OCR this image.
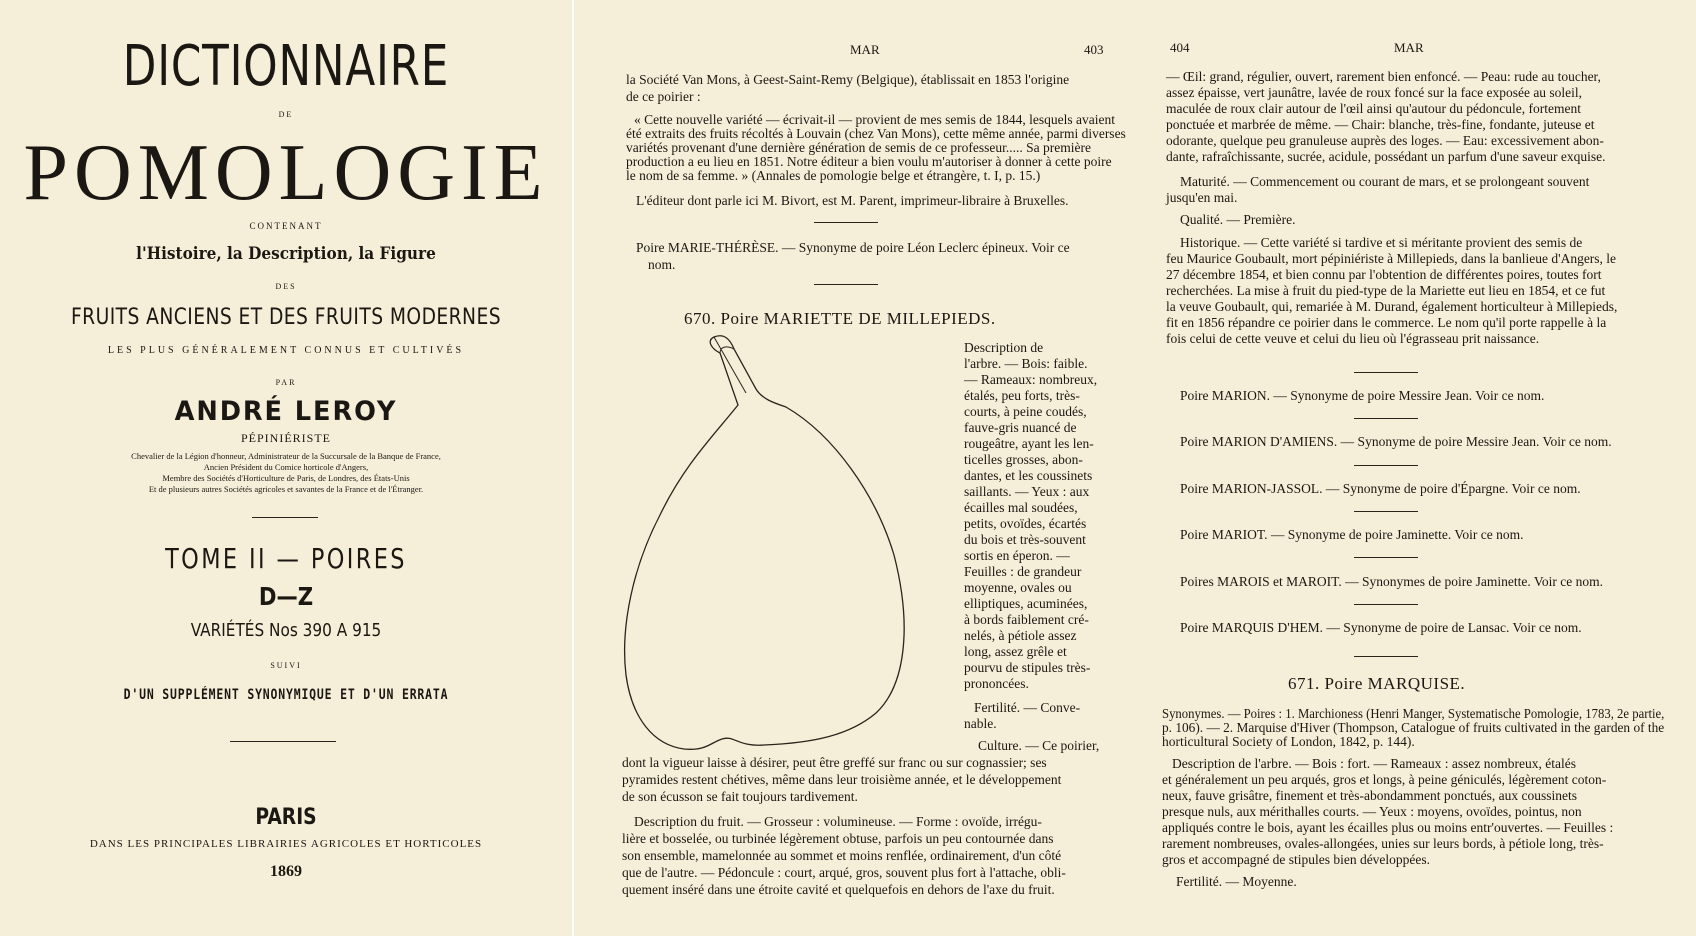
DICTIONNAIRE
DE
POMOLOGIE
CONTENANT
l'Histoire, la Description, la Figure
DES
FRUITS ANCIENS ET DES FRUITS MODERNES
LES PLUS GÉNÉRALEMENT CONNUS ET CULTIVÉS
PAR
ANDRÉ LEROY
PÉPINIÉRISTE
Chevalier de la Légion d'honneur, Administrateur de la Succursale de la Banque de France,
Ancien Président du Comice horticole d'Angers,
Membre des Sociétés d'Horticulture de Paris, de Londres, des États-Unis
Et de plusieurs autres Sociétés agricoles et savantes de la France et de l'Étranger.
TOME II — POIRES
D—Z
VARIÉTÉS Nos 390 A 915
SUIVI
D'UN SUPPLÉMENT SYNONYMIQUE ET D'UN ERRATA
PARIS
DANS LES PRINCIPALES LIBRAIRIES AGRICOLES ET HORTICOLES
1869
MAR	403
la Société Van Mons, à Geest-Saint-Remy (Belgique), établissait en 1853 l'origine
de ce poirier :
« Cette nouvelle variété — écrivait-il — provient de mes semis de 1844, lesquels avaient
été extraits des fruits récoltés à Louvain (chez Van Mons), cette même année, parmi diverses
variétés provenant d'une dernière génération de semis de ce professeur..... Sa première
production a eu lieu en 1851. Notre éditeur a bien voulu m'autoriser à donner à cette poire
le nom de sa femme. » (Annales de pomologie belge et étrangère, t. I, p. 15.)
L'éditeur dont parle ici M. Bivort, est M. Parent, imprimeur-libraire à Bruxelles.
Poire MARIE-THÉRÈSE. — Synonyme de poire Léon Leclerc épineux. Voir ce
nom.
670. Poire MARIETTE DE MILLEPIEDS.
Description de
l'arbre. — Bois: faible.
— Rameaux: nombreux,
étalés, peu forts, très-
courts, à peine coudés,
fauve-gris nuancé de
rougeâtre, ayant les len-
ticelles grosses, abon-
dantes, et les coussinets
saillants. — Yeux : aux
écailles mal soudées,
petits, ovoïdes, écartés
du bois et très-souvent
sortis en éperon. —
Feuilles : de grandeur
moyenne, ovales ou
elliptiques, acuminées,
à bords faiblement cré-
nelés, à pétiole assez
long, assez grêle et
pourvu de stipules très-
prononcées.
Fertilité. — Conve-
nable.
Culture. — Ce poirier,
dont la vigueur laisse à désirer, peut être greffé sur franc ou sur cognassier; ses
pyramides restent chétives, même dans leur troisième année, et le développement
de son écusson se fait toujours tardivement.
Description du fruit. — Grosseur : volumineuse. — Forme : ovoïde, irrégu-
lière et bosselée, ou turbinée légèrement obtuse, parfois un peu contournée dans
son ensemble, mamelonnée au sommet et moins renflée, ordinairement, d'un côté
que de l'autre. — Pédoncule : court, arqué, gros, souvent plus fort à l'attache, obli-
quement inséré dans une étroite cavité et quelquefois en dehors de l'axe du fruit.
404	MAR
— Œil: grand, régulier, ouvert, rarement bien enfoncé. — Peau: rude au toucher,
assez épaisse, vert jaunâtre, lavée de roux foncé sur la face exposée au soleil,
maculée de roux clair autour de l'œil ainsi qu'autour du pédoncule, fortement
ponctuée et marbrée de même. — Chair: blanche, très-fine, fondante, juteuse et
odorante, quelque peu granuleuse auprès des loges. — Eau: excessivement abon-
dante, rafraîchissante, sucrée, acidule, possédant un parfum d'une saveur exquise.
Maturité. — Commencement ou courant de mars, et se prolongeant souvent
jusqu'en mai.
Qualité. — Première.
Historique. — Cette variété si tardive et si méritante provient des semis de
feu Maurice Goubault, mort pépiniériste à Millepieds, dans la banlieue d'Angers, le
27 décembre 1854, et bien connu par l'obtention de différentes poires, toutes fort
recherchées. La mise à fruit du pied-type de la Mariette eut lieu en 1854, et ce fut
la veuve Goubault, qui, remariée à M. Durand, également horticulteur à Millepieds,
fit en 1856 répandre ce poirier dans le commerce. Le nom qu'il porte rappelle à la
fois celui de cette veuve et celui du lieu où l'égrasseau prit naissance.
Poire MARION. — Synonyme de poire Messire Jean. Voir ce nom.
Poire MARION D'AMIENS. — Synonyme de poire Messire Jean. Voir ce nom.
Poire MARION-JASSOL. — Synonyme de poire d'Épargne. Voir ce nom.
Poire MARIOT. — Synonyme de poire Jaminette. Voir ce nom.
Poires MAROIS et MAROIT. — Synonymes de poire Jaminette. Voir ce nom.
Poire MARQUIS D'HEM. — Synonyme de poire de Lansac. Voir ce nom.
671. Poire MARQUISE.
Synonymes. — Poires : 1. Marchioness (Henri Manger, Systematische Pomologie, 1783, 2e partie,
p. 106). — 2. Marquise d'Hiver (Thompson, Catalogue of fruits cultivated in the garden of the
horticultural Society of London, 1842, p. 144).
Description de l'arbre. — Bois : fort. — Rameaux : assez nombreux, étalés
et généralement un peu arqués, gros et longs, à peine géniculés, légèrement coton-
neux, fauve grisâtre, finement et très-abondamment ponctués, aux coussinets
presque nuls, aux mérithalles courts. — Yeux : moyens, ovoïdes, pointus, non
appliqués contre le bois, ayant les écailles plus ou moins entr'ouvertes. — Feuilles :
rarement nombreuses, ovales-allongées, unies sur leurs bords, à pétiole long, très-
gros et accompagné de stipules bien développées.
Fertilité. — Moyenne.
